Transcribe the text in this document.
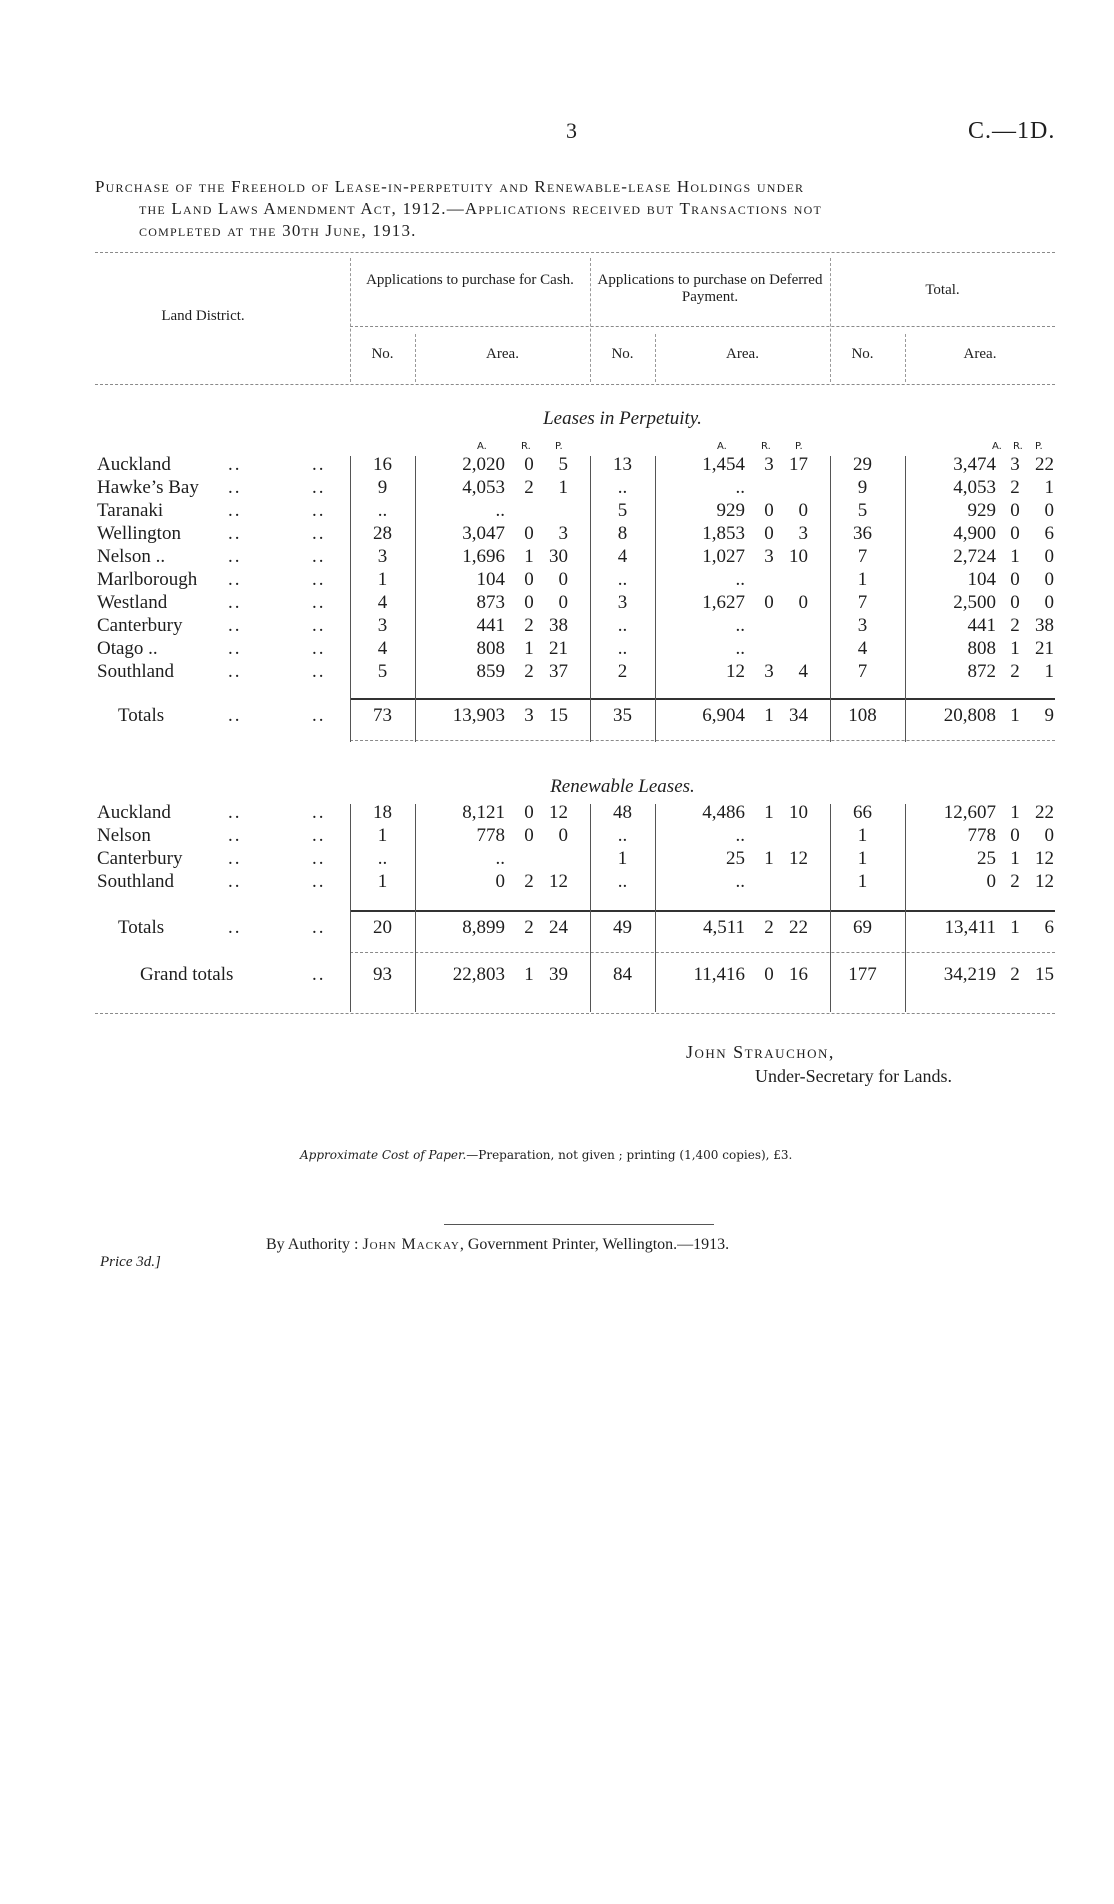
3	C.—1D.
Purchase of the Freehold of Lease-in-perpetuity and Renewable-lease Holdings under
the Land Laws Amendment Act, 1912.—Applications received but Transactions not
completed at the 30th June, 1913.
Land District.
Applications to purchase for Cash.	Applications to purchase on Deferred Payment.	Total.
No.	Area.	No.	Area.	No.	Area.
Leases in Perpetuity.
A.	R. P.	A.	R. P.	A. R. P.
Renewable Leases.
Auckland	..	..	16	2,020	0	5	13	1,454	3 17	29	3,474 3 22
Hawke’s Bay ..	..	9	4,053	2	1	..	..	9	4,053 2	1
Taranaki	..	..	..	..	5	929	0	0	5	929 0	0
Wellington ..	..	28	3,047	0	3	8	1,853	0	3	36	4,900 0	6
Nelson ..	..	..	3	1,696	1 30	4	1,027	3 10	7	2,724 1	0
Marlborough ..	..	1	104	0	0	..	..	1	104 0	0
Westland	..	..	4	873	0	0	3	1,627	0	0	7	2,500 0	0
Canterbury ..	..	3	441	2 38	..	..	3	441 2 38
Otago ..	..	..	4	808	1 21	..	..	4	808 1 21
Southland	..	..	5	859	2 37	2	12	3	4	7	872 2	1
Totals	..	..	73	13,903	3 15	35	6,904	1 34	108	20,808 1	9
Auckland	..	..	18	8,121	0 12	48	4,486	1 10	66	12,607 1 22
Nelson	..	..	1	778	0	0	..	..	1	778 0	0
Canterbury ..	..	..	..	1	25	1 12	1	25 1 12
Southland	..	..	1	0	2 12	..	..	1	0 2 12
Totals	..	..	20	8,899	2 24	49	4,511	2 22	69	13,411 1	6
Grand totals	..	93	22,803	1 39	84	11,416	0 16	177	34,219 2 15
John Strauchon,
Under-Secretary for Lands.
Approximate Cost of Paper.—Preparation, not given ; printing (1,400 copies), £3.
By Authority : John Mackay, Government Printer, Wellington.—1913.
Price 3d.]
